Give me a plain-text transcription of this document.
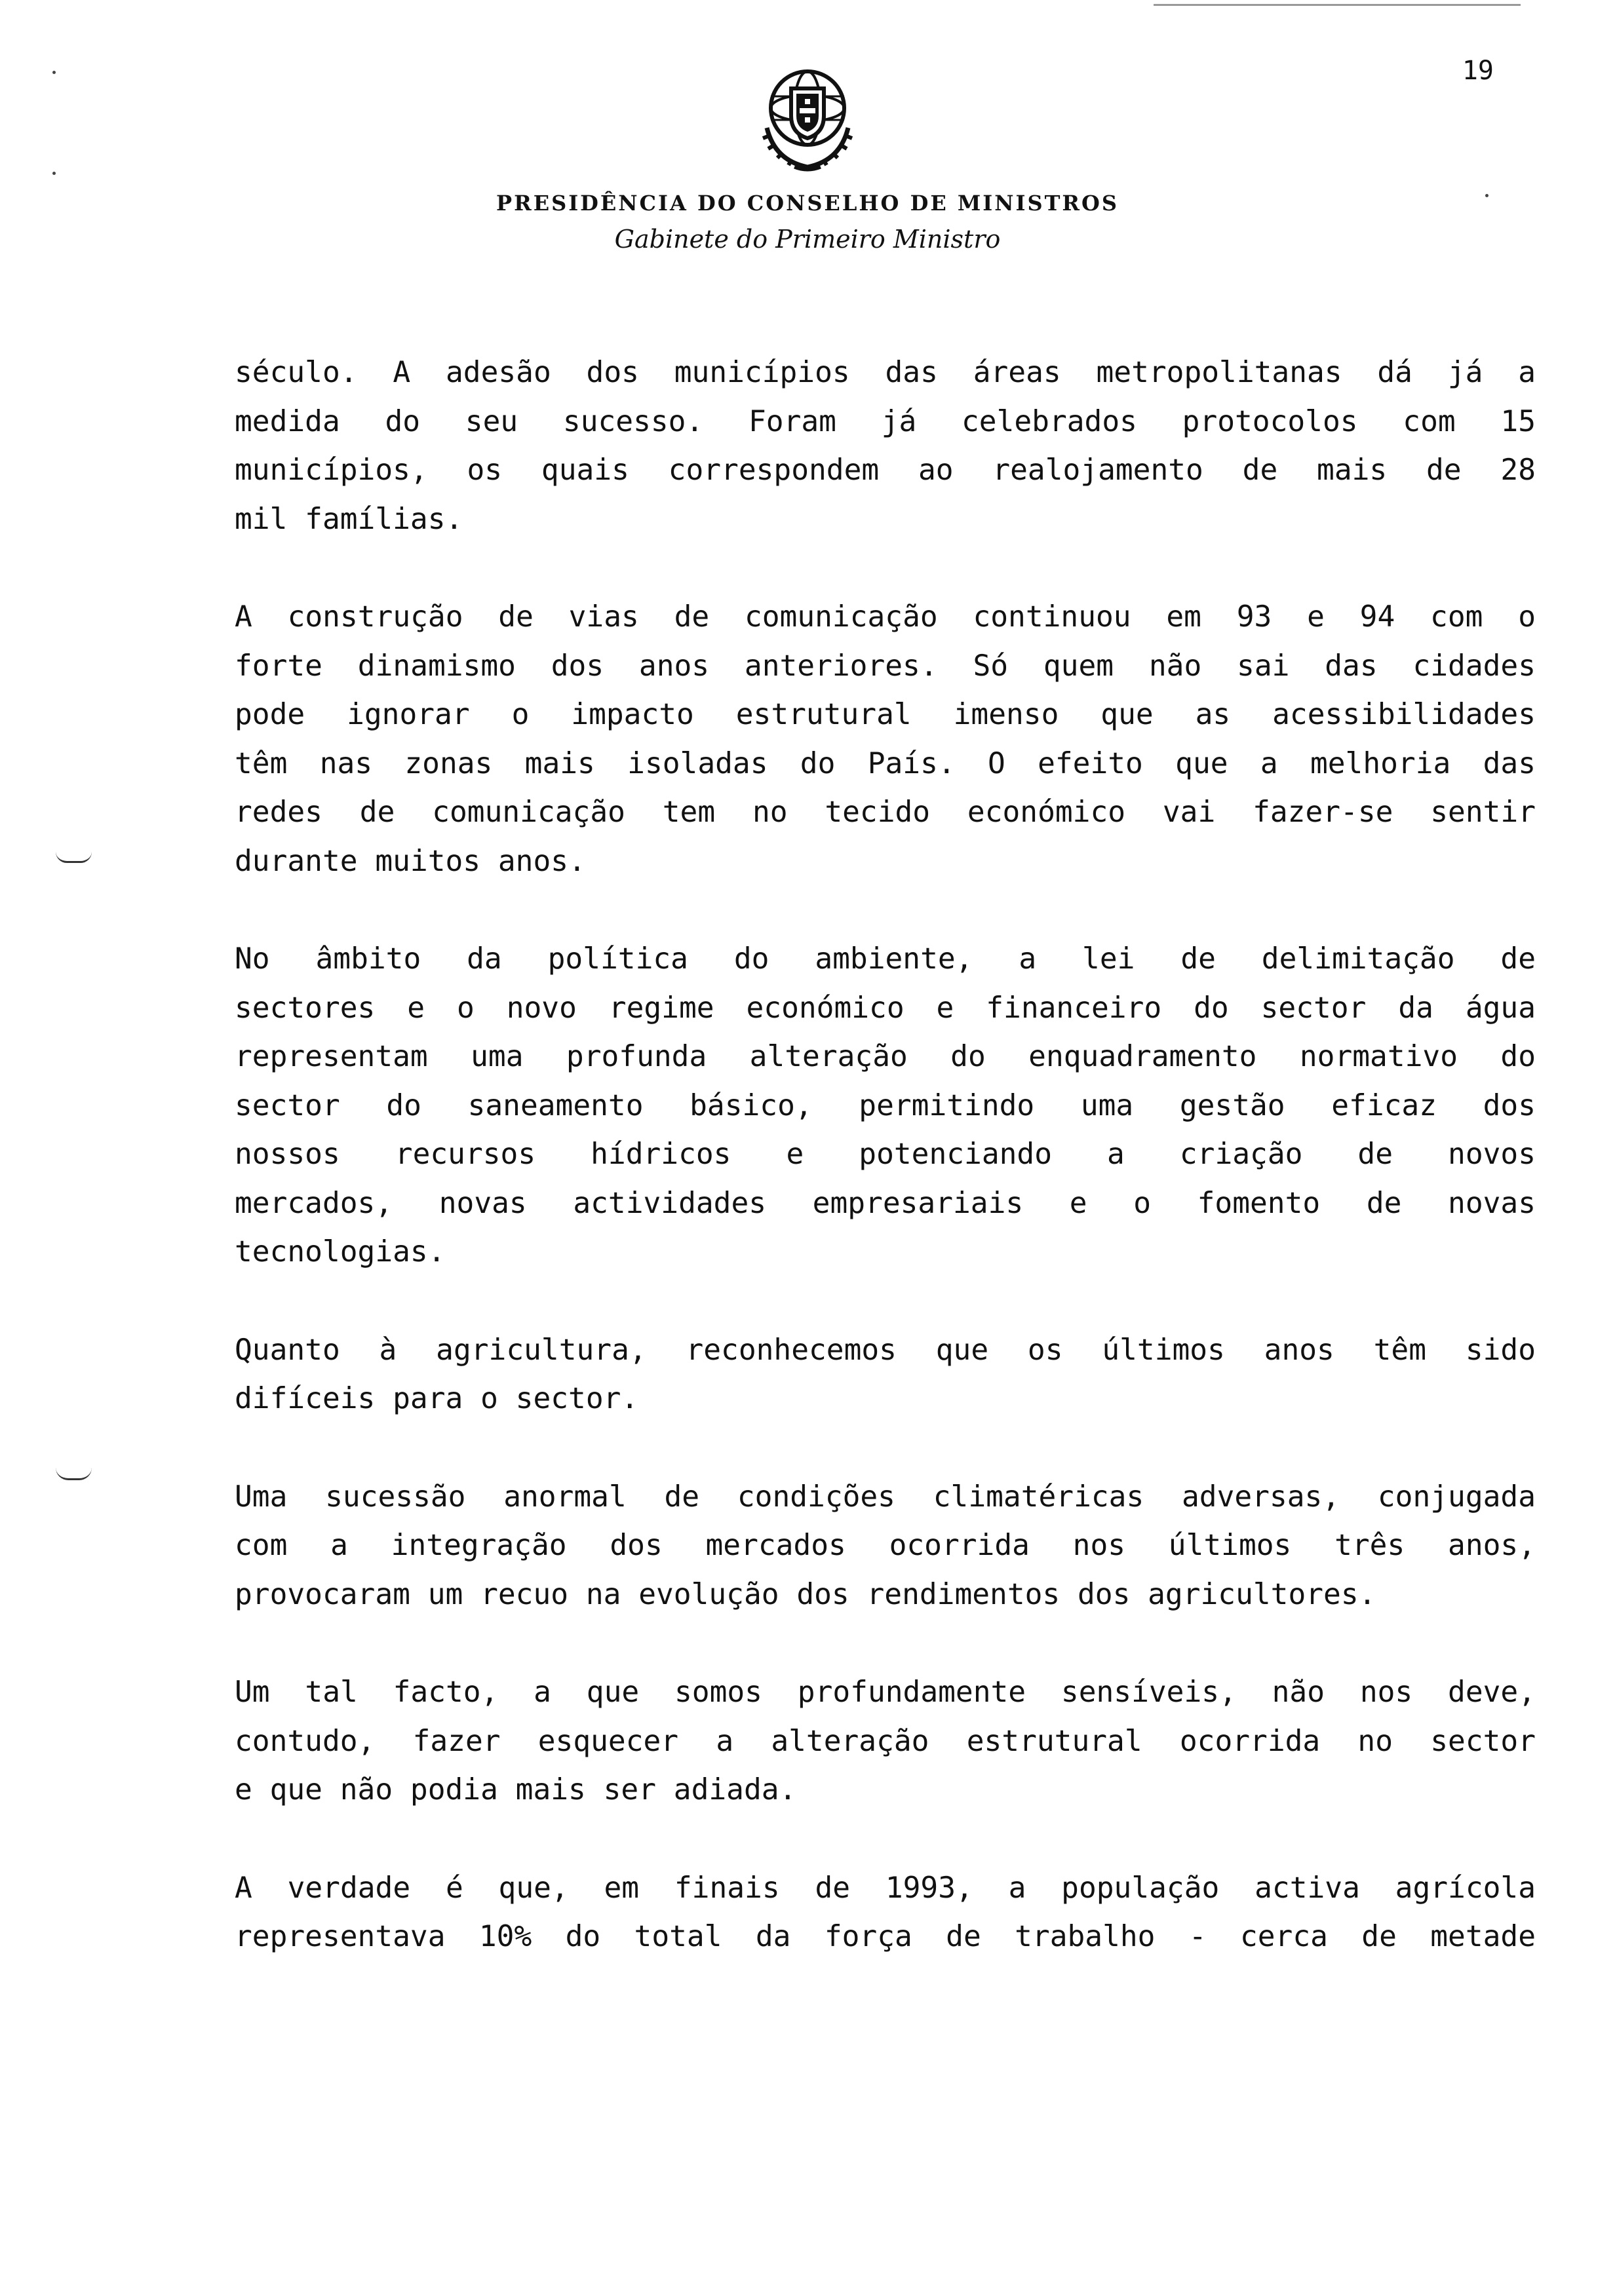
19
PRESIDÊNCIA DO CONSELHO DE MINISTROS
Gabinete do Primeiro Ministro

século. A adesão dos municípios das áreas metropolitanas dá já a
medida do seu sucesso. Foram já celebrados protocolos com 15
municípios, os quais correspondem ao realojamento de mais de 28
mil famílias.

A construção de vias de comunicação continuou em 93 e 94 com o
forte dinamismo dos anos anteriores. Só quem não sai das cidades
pode ignorar o impacto estrutural imenso que as acessibilidades
têm nas zonas mais isoladas do País. O efeito que a melhoria das
redes de comunicação tem no tecido económico vai fazer-se sentir
durante muitos anos.

No âmbito da política do ambiente, a lei de delimitação de
sectores e o novo regime económico e financeiro do sector da água
representam uma profunda alteração do enquadramento normativo do
sector do saneamento básico, permitindo uma gestão eficaz dos
nossos recursos hídricos e potenciando a criação de novos
mercados, novas actividades empresariais e o fomento de novas
tecnologias.

Quanto à agricultura, reconhecemos que os últimos anos têm sido
difíceis para o sector.

Uma sucessão anormal de condições climatéricas adversas, conjugada
com a integração dos mercados ocorrida nos últimos três anos,
provocaram um recuo na evolução dos rendimentos dos agricultores.

Um tal facto, a que somos profundamente sensíveis, não nos deve,
contudo, fazer esquecer a alteração estrutural ocorrida no sector
e que não podia mais ser adiada.

A verdade é que, em finais de 1993, a população activa agrícola
representava 10% do total da força de trabalho - cerca de metade
